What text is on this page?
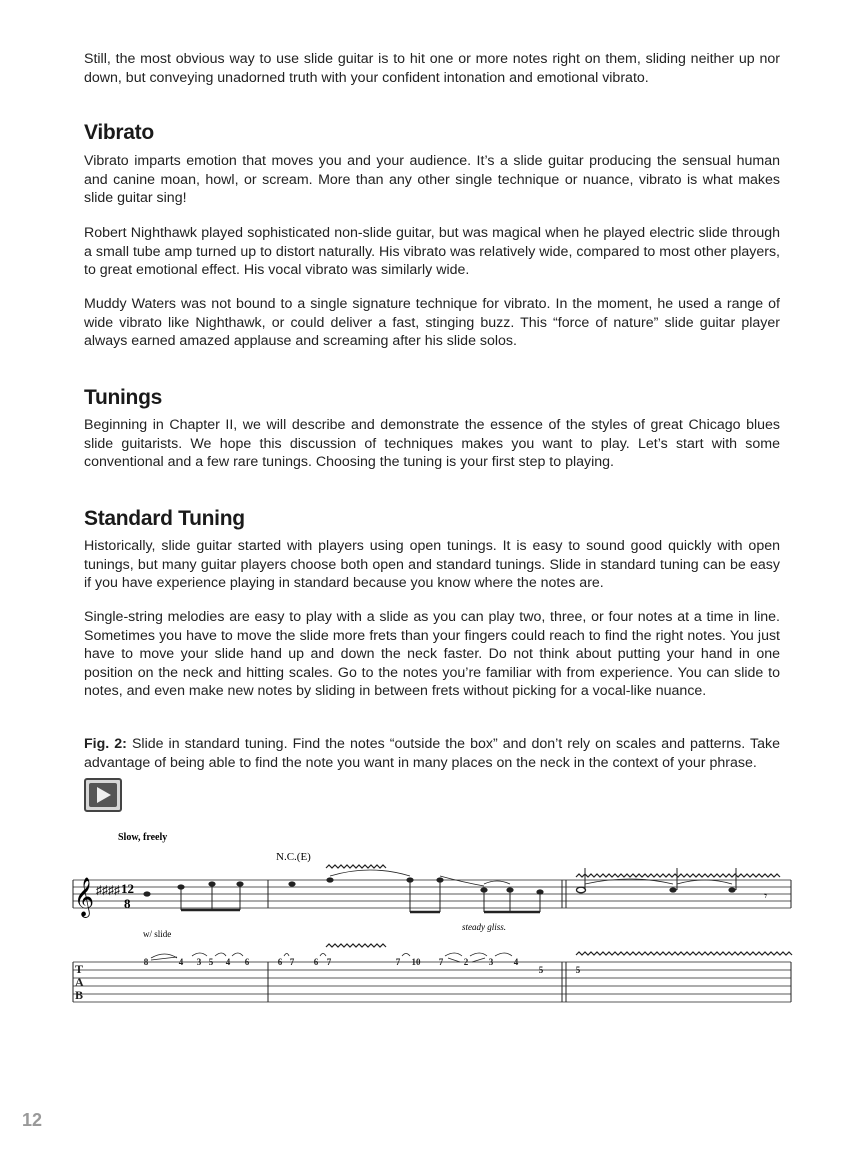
Still, the most obvious way to use slide guitar is to hit one or more notes right on them, sliding neither up nor down, but conveying unadorned truth with your confident intonation and emotional vibrato.

Vibrato

Vibrato imparts emotion that moves you and your audience. It’s a slide guitar producing the sensual human and canine moan, howl, or scream. More than any other single technique or nuance, vibrato is what makes slide guitar sing!

Robert Nighthawk played sophisticated non-slide guitar, but was magical when he played electric slide through a small tube amp turned up to distort naturally. His vibrato was relatively wide, compared to most other players, to great emotional effect. His vocal vibrato was similarly wide.

Muddy Waters was not bound to a single signature technique for vibrato. In the moment, he used a range of wide vibrato like Nighthawk, or could deliver a fast, stinging buzz. This “force of nature” slide guitar player always earned amazed applause and screaming after his slide solos.

Tunings

Beginning in Chapter II, we will describe and demonstrate the essence of the styles of great Chicago blues slide guitarists. We hope this discussion of techniques makes you want to play. Let’s start with some conventional and a few rare tunings. Choosing the tuning is your first step to playing.

Standard Tuning

Historically, slide guitar started with players using open tunings. It is easy to sound good quickly with open tunings, but many guitar players choose both open and standard tunings. Slide in standard tuning can be easy if you have experience playing in standard because you know where the notes are.

Single-string melodies are easy to play with a slide as you can play two, three, or four notes at a time in line. Sometimes you have to move the slide more frets than your fingers could reach to find the right notes. You just have to move your slide hand up and down the neck faster. Do not think about putting your hand in one position on the neck and hitting scales. Go to the notes you’re familiar with from experience. You can slide to notes, and even make new notes by sliding in between frets without picking for a vocal-like nuance.

Fig. 2: Slide in standard tuning. Find the notes “outside the box” and don’t rely on scales and patterns. Take advantage of being able to find the note you want in many places on the neck in the context of your phrase.

Slow, freely
N.C.(E)
𝄞 ♯♯♯♯ 12
8	𝄾
w/ slide
steady gliss.
T
A
B
8	4 3 5 4 6	6 7 6 7	7 10 7 2 3 4
5	5
12
